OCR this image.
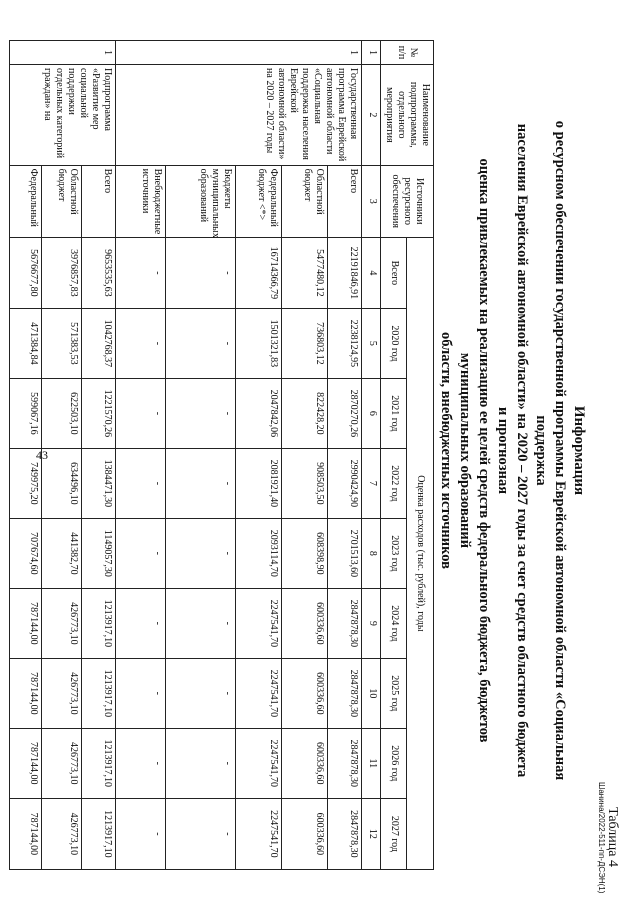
43
Шанина/2022-511-пп-ДСЭН(1) Таблица 4
Информация
о ресурсном обеспечении государственной программы Еврейской автономной области «Социальная поддержка
населения Еврейской автономной области» на 2020 – 2027 годы за счет средств областного бюджета и прогнозная
оценка привлекаемых на реализацию ее целей средств федерального бюджета, бюджетов муниципальных образований
области, внебюджетных источников
№ п/п	Наименование подпрограммы, отдельного мероприятия	Источники ресурсного обеспечения	Оценка расходов (тыс. рублей), годы								
			Всего	2020 год	2021 год	2022 год	2023 год	2024 год	2025 год	2026 год	2027 год
1	2	3	4	5	6	7	8	9	10	11	12
1	Государственная программа Еврейской автономной области «Социальная поддержка населения Еврейской автономной области» на 2020 – 2027 годы	Всего	22191846,91	2238124,95	2870270,26	2990424,90	2701513,60	2847878,30	2847878,30	2847878,30	2847878,30
		Областной бюджет	5477480,12	736803,12	822428,20	908503,50	608398,90	600336,60	600336,60	600336,60	600336,60
		Федеральный бюджет <*>	16714366,79	1501321,83	2047842,06	2081921,40	2093114,70	2247541,70	2247541,70	2247541,70	2247541,70
		Бюджеты муниципальных образований	-	-	-	-	-	-	-	-	-
		Внебюджетные источники	-	-	-	-	-	-	-	-	-
1	Подпрограмма «Развитие мер социальной поддержки отдельных категорий граждан» на	Всего	9653535,63	1042768,37	1221570,26	1384471,30	1149057,30	1213917,10	1213917,10	1213917,10	1213917,10
		Областной бюджет	3976857,83	571383,53	622503,10	634496,10	441382,70	426773,10	426773,10	426773,10	426773,10
		Федеральный	5676677,80	471384,84	599067,16	749975,20	707674,60	787144,00	787144,00	787144,00	787144,00
